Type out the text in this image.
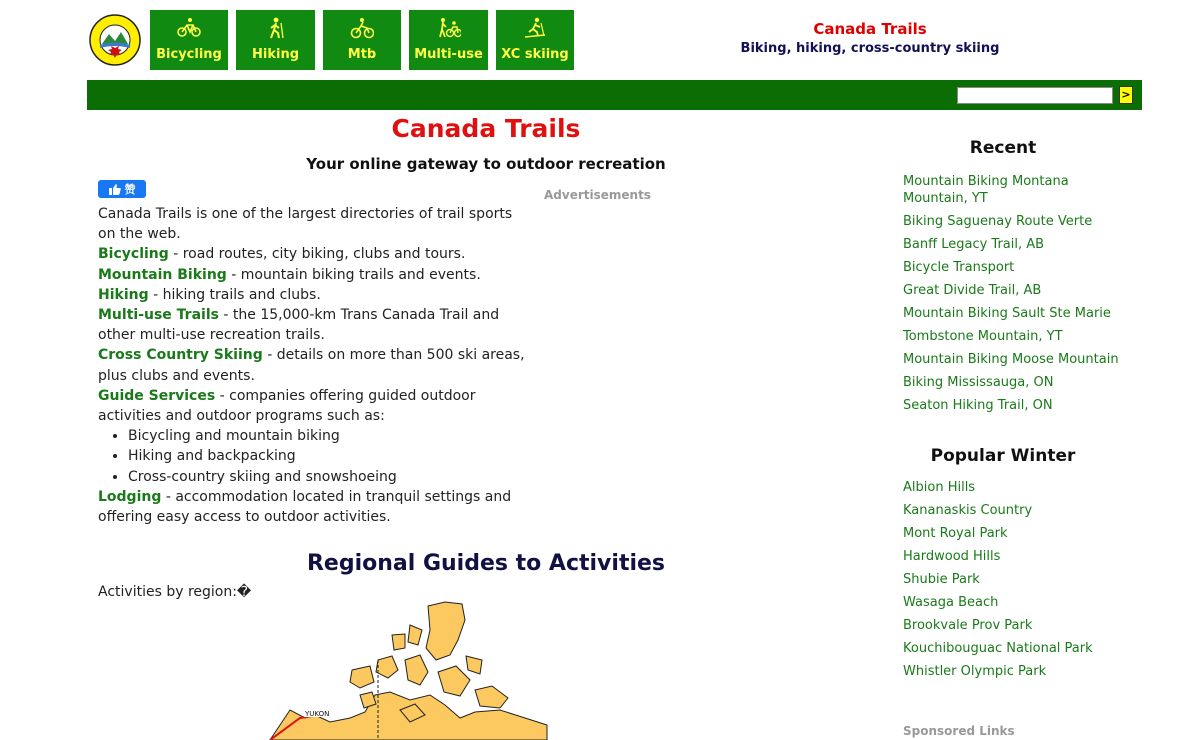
Bicycling	Hiking	Mtb	Multi-use	XC skiing
Canada Trails
Biking, hiking, cross-country skiing
>
Canada Trails
Your online gateway to outdoor recreation
赞	Advertisements

Canada Trails is one of the largest directories of trail sports on the web.

Bicycling - road routes, city biking, clubs and tours.

Mountain Biking - mountain biking trails and events.

Hiking - hiking trails and clubs.

Multi-use Trails - the 15,000-km Trans Canada Trail and other multi-use recreation trails.

Cross Country Skiing - details on more than 500 ski areas, plus clubs and events.

Guide Services - companies offering guided outdoor activities and outdoor programs such as:

• Bicycling and mountain biking
• Hiking and backpacking
• Cross-country skiing and snowshoeing

Lodging - accommodation located in tranquil settings and offering easy access to outdoor activities.

Regional Guides to Activities
Activities by region:�
YUKON
Recent
Mountain Biking Montana Mountain, YT
Biking Saguenay Route Verte
Banff Legacy Trail, AB
Bicycle Transport
Great Divide Trail, AB
Mountain Biking Sault Ste Marie
Tombstone Mountain, YT
Mountain Biking Moose Mountain
Biking Mississauga, ON
Seaton Hiking Trail, ON
Popular Winter
Albion Hills
Kananaskis Country
Mont Royal Park
Hardwood Hills
Shubie Park
Wasaga Beach
Brookvale Prov Park
Kouchibouguac National Park
Whistler Olympic Park
Sponsored Links
